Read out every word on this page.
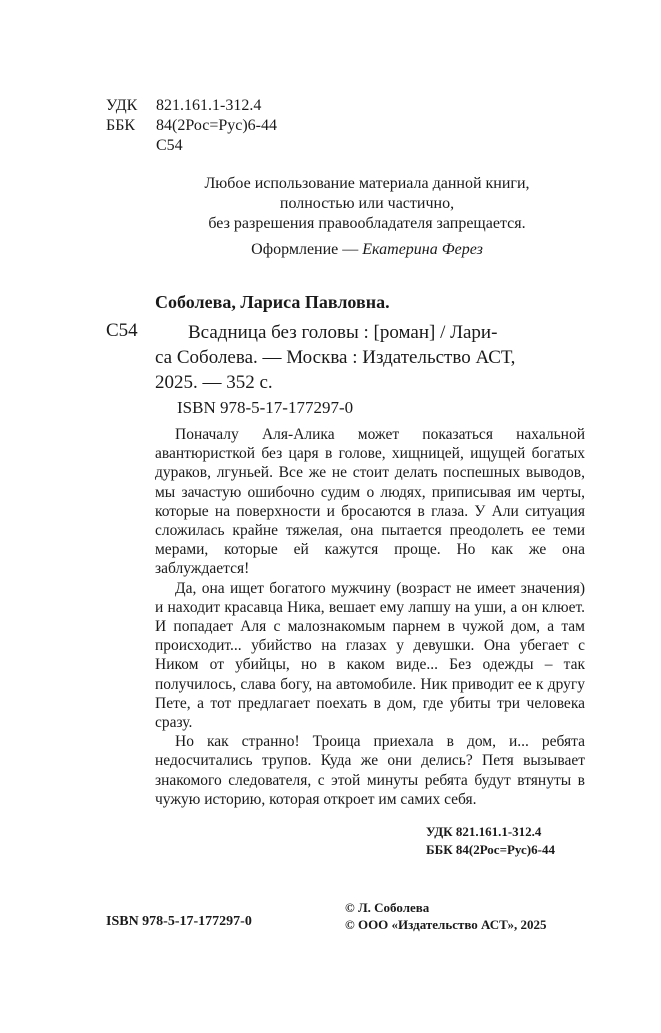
УДК	821.161.1-312.4
ББК	84(2Рос=Рус)6-44
С54
Любое использование материала данной книги,
полностью или частично,
без разрешения правообладателя запрещается.
Оформление — Екатерина Ферез
Соболева, Лариса Павловна.
С54	Всадница без головы : [роман] / Лари-
са Соболева. — Москва : Издательство АСТ,
2025. — 352 с.
ISBN 978-5-17-177297-0

Поначалу Аля-Алика может показаться нахальной авантюристкой без царя в голове, хищницей, ищущей богатых дураков, лгуньей. Все же не стоит делать поспешных выводов, мы зачастую ошибочно судим о людях, приписывая им черты, которые на поверхности и бросаются в глаза. У Али ситуация сложилась крайне тяжелая, она пытается преодолеть ее теми мерами, которые ей кажутся проще. Но как же она заблуждается!

Да, она ищет богатого мужчину (возраст не имеет значения) и находит красавца Ника, вешает ему лапшу на уши, а он клюет. И попадает Аля с малознакомым парнем в чужой дом, а там происходит... убийство на глазах у девушки. Она убегает с Ником от убийцы, но в каком виде... Без одежды – так получилось, слава богу, на автомобиле. Ник приводит ее к другу Пете, а тот предлагает поехать в дом, где убиты три человека сразу.

Но как странно! Троица приехала в дом, и... ребята недосчитались трупов. Куда же они делись? Петя вызывает знакомого следователя, с этой минуты ребята будут втянуты в чужую историю, которая откроет им самих себя.

УДК 821.161.1-312.4
ББК 84(2Рос=Рус)6-44
ISBN 978-5-17-177297-0
© Л. Соболева
© ООО «Издательство АСТ», 2025
